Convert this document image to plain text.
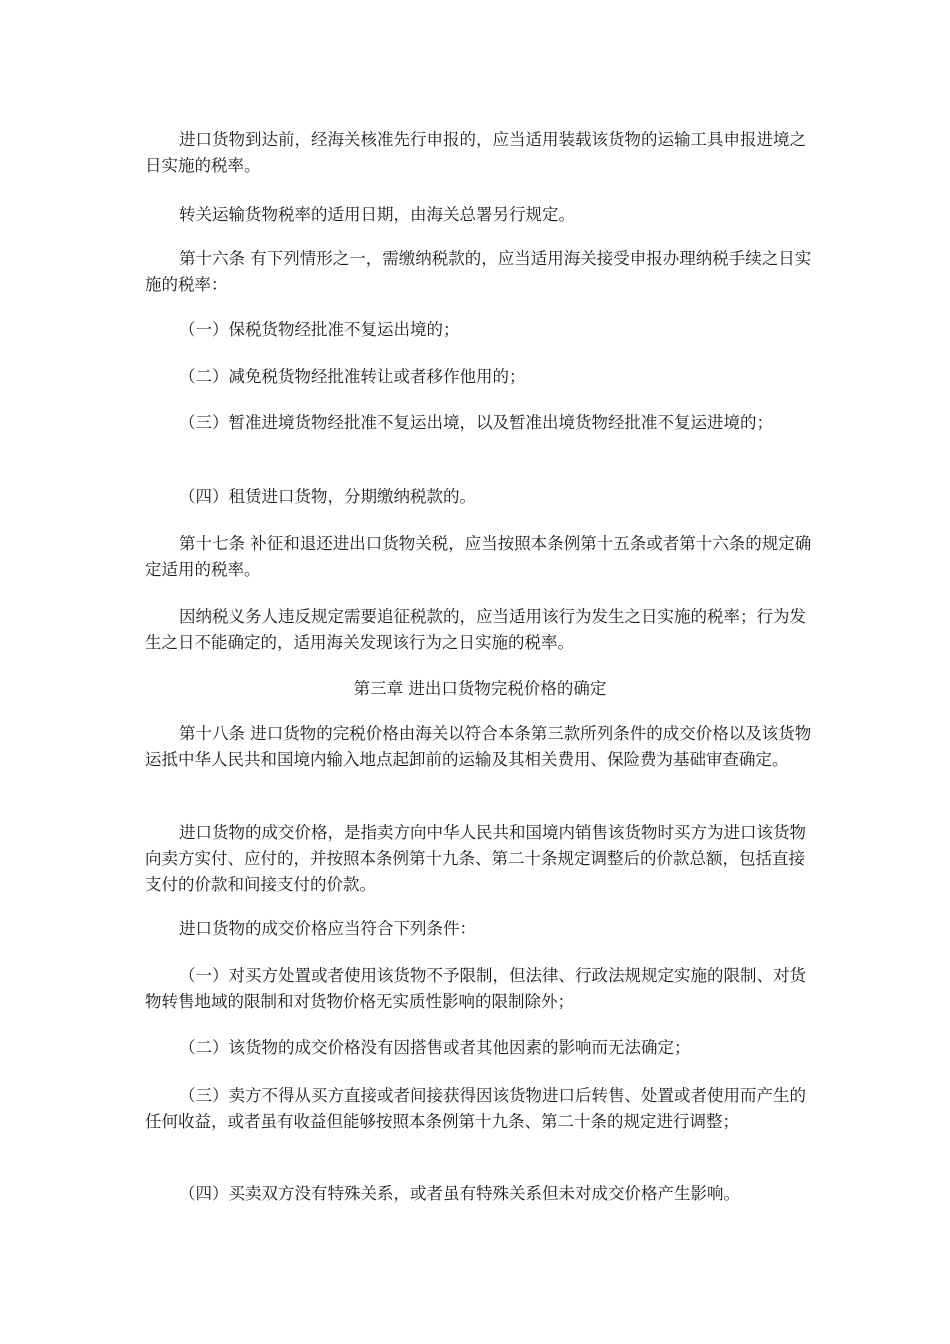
进口货物到达前，经海关核准先行申报的，应当适用装载该货物的运输工具申报进境之日实施的税率。

转关运输货物税率的适用日期，由海关总署另行规定。

第十六条 有下列情形之一，需缴纳税款的，应当适用海关接受申报办理纳税手续之日实施的税率：

（一）保税货物经批准不复运出境的；

（二）减免税货物经批准转让或者移作他用的；

（三）暂准进境货物经批准不复运出境，以及暂准出境货物经批准不复运进境的；

（四）租赁进口货物，分期缴纳税款的。

第十七条 补征和退还进出口货物关税，应当按照本条例第十五条或者第十六条的规定确定适用的税率。

因纳税义务人违反规定需要追征税款的，应当适用该行为发生之日实施的税率；行为发生之日不能确定的，适用海关发现该行为之日实施的税率。

第三章 进出口货物完税价格的确定

第十八条 进口货物的完税价格由海关以符合本条第三款所列条件的成交价格以及该货物运抵中华人民共和国境内输入地点起卸前的运输及其相关费用、保险费为基础审查确定。

进口货物的成交价格，是指卖方向中华人民共和国境内销售该货物时买方为进口该货物向卖方实付、应付的，并按照本条例第十九条、第二十条规定调整后的价款总额，包括直接支付的价款和间接支付的价款。

进口货物的成交价格应当符合下列条件：

（一）对买方处置或者使用该货物不予限制，但法律、行政法规规定实施的限制、对货物转售地域的限制和对货物价格无实质性影响的限制除外；

（二）该货物的成交价格没有因搭售或者其他因素的影响而无法确定；

（三）卖方不得从买方直接或者间接获得因该货物进口后转售、处置或者使用而产生的任何收益，或者虽有收益但能够按照本条例第十九条、第二十条的规定进行调整；

（四）买卖双方没有特殊关系，或者虽有特殊关系但未对成交价格产生影响。
